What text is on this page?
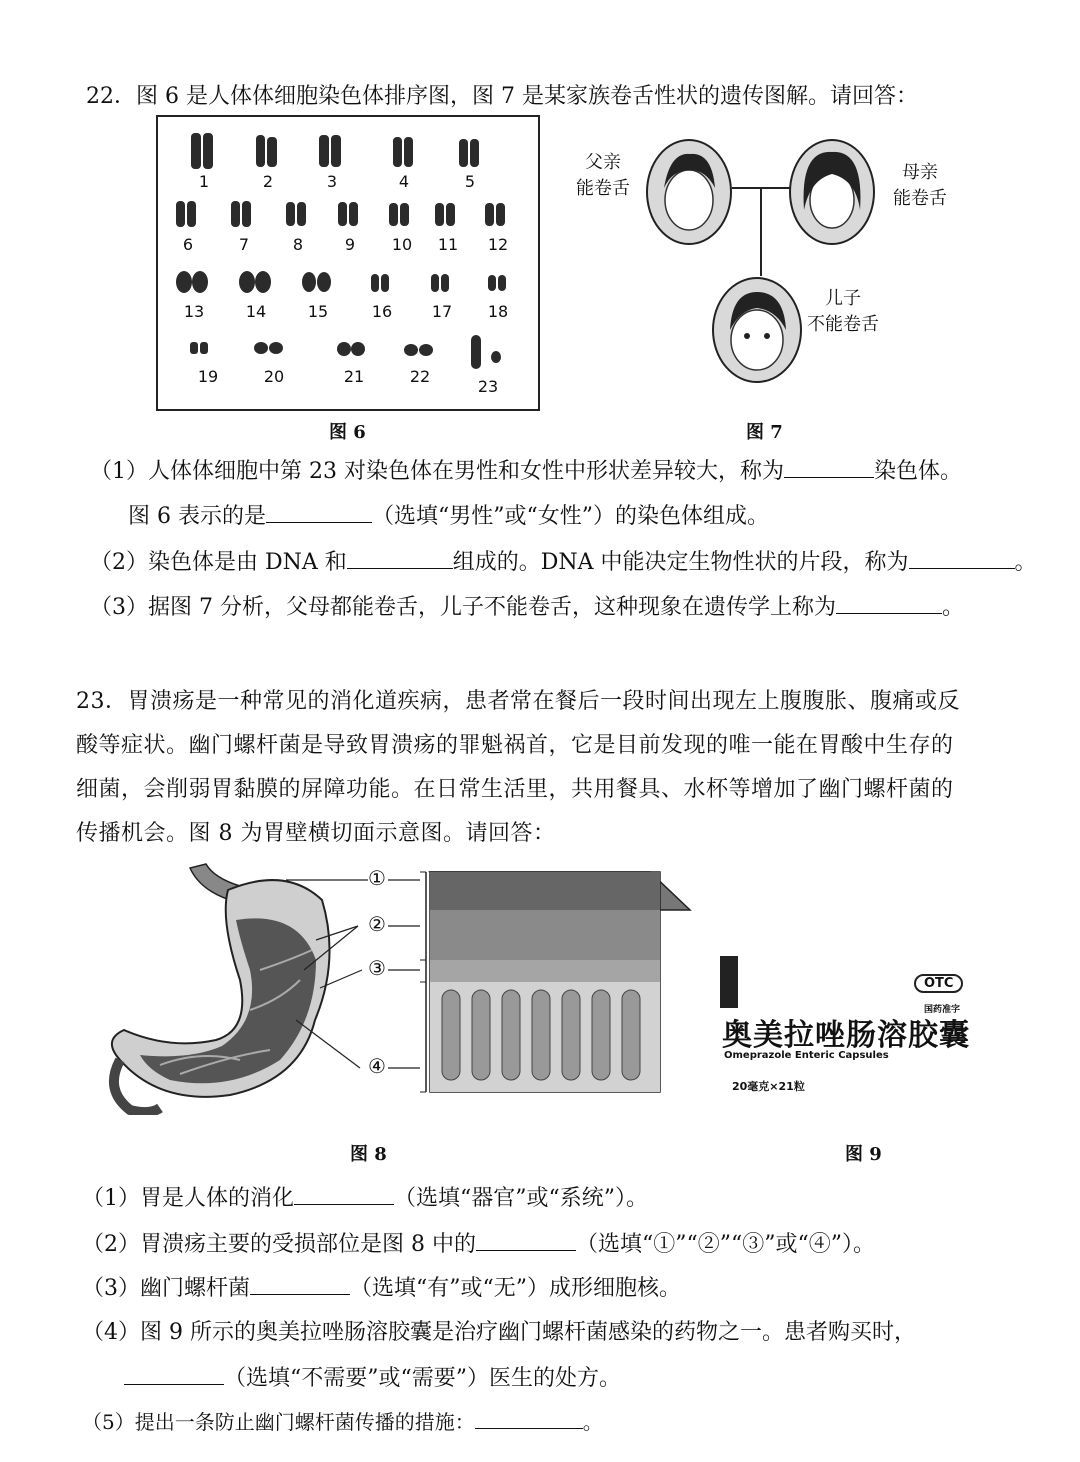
22．图 6 是人体体细胞染色体排序图，图 7 是某家族卷舌性状的遗传图解。请回答：
1	2	3	4	5
6	7	8	9 10 11 12
13	14	15	16 17 18
19	20	21	22
23
图 6
父亲
能卷舌
母亲
能卷舌
儿子
不能卷舌
图 7
（1）人体体细胞中第 23 对染色体在男性和女性中形状差异较大，称为	染色体。
图 6 表示的是	（选填“男性”或“女性”）的染色体组成。
（2）染色体是由 DNA 和	组成的。DNA 中能决定生物性状的片段，称为	。
（3）据图 7 分析，父母都能卷舌，儿子不能卷舌，这种现象在遗传学上称为	。
23．胃溃疡是一种常见的消化道疾病，患者常在餐后一段时间出现左上腹腹胀、腹痛或反
酸等症状。幽门螺杆菌是导致胃溃疡的罪魁祸首，它是目前发现的唯一能在胃酸中生存的
细菌，会削弱胃黏膜的屏障功能。在日常生活里，共用餐具、水杯等增加了幽门螺杆菌的
传播机会。图 8 为胃壁横切面示意图。请回答：
①
②
③
④
图 8
OTC
国药准字
奥美拉唑肠溶胶囊
Omeprazole Enteric Capsules
20毫克×21粒
图 9
（1）胃是人体的消化	（选填“器官”或“系统”）。
（2）胃溃疡主要的受损部位是图 8 中的	（选填“①”“②”“③”或“④”）。
（3）幽门螺杆菌	（选填“有”或“无”）成形细胞核。
（4）图 9 所示的奥美拉唑肠溶胶囊是治疗幽门螺杆菌感染的药物之一。患者购买时，
（选填“不需要”或“需要”）医生的处方。
（5）提出一条防止幽门螺杆菌传播的措施：	。
